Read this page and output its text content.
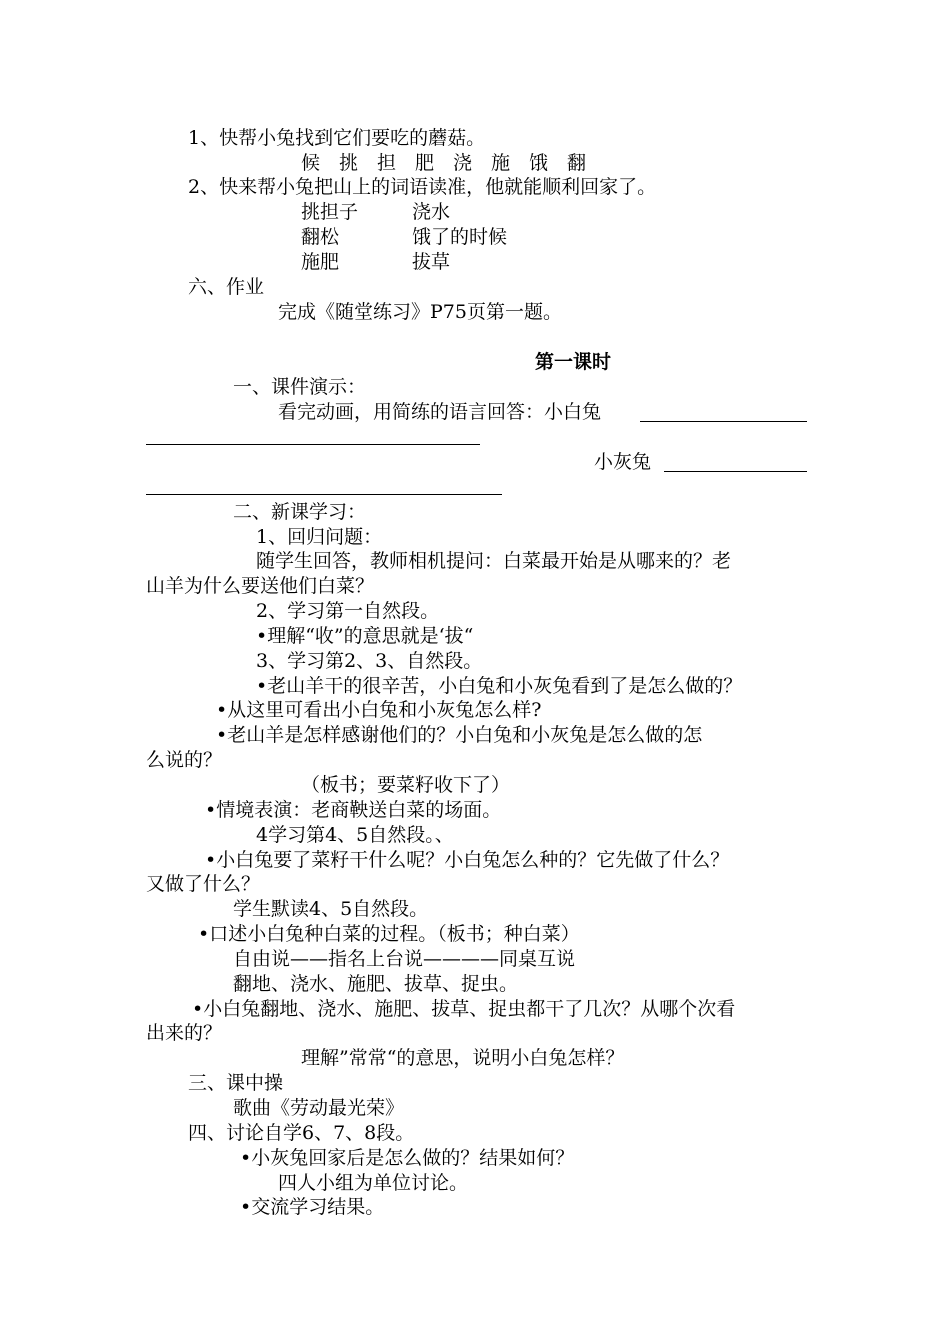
1、快帮小兔找到它们要吃的蘑菇。

候　挑　担　肥　浇　施　饿　翻

2、快来帮小兔把山上的词语读准，他就能顺利回家了。

挑担子	浇水

翻松	饿了的时候

施肥	拔草

六、作业

完成《随堂练习》P75页第一题。

第一课时

一、课件演示：

看完动画，用简练的语言回答：小白兔

小灰兔

二、新课学习：

1、回归问题：

随学生回答，教师相机提问：白菜最开始是从哪来的？老

山羊为什么要送他们白菜？

2、学习第一自然段。

•理解“收”的意思就是‘拔“

3、学习第2、3、自然段。

•老山羊干的很辛苦，小白兔和小灰兔看到了是怎么做的？

•从这里可看出小白兔和小灰兔怎么样?

•老山羊是怎样感谢他们的？小白兔和小灰兔是怎么做的怎

么说的？

（板书；要菜籽收下了）

•情境表演：老商鞅送白菜的场面。

4学习第4、5自然段。、

•小白兔要了菜籽干什么呢？小白兔怎么种的？它先做了什么？

又做了什么？

学生默读4、5自然段。

•口述小白兔种白菜的过程。（板书；种白菜）

自由说——指名上台说————同桌互说

翻地、浇水、施肥、拔草、捉虫。

•小白兔翻地、浇水、施肥、拔草、捉虫都干了几次？从哪个次看

出来的？

理解”常常“的意思，说明小白兔怎样？

三、课中操

歌曲《劳动最光荣》

四、讨论自学6、7、8段。

•小灰兔回家后是怎么做的？结果如何？

四人小组为单位讨论。

•交流学习结果。
